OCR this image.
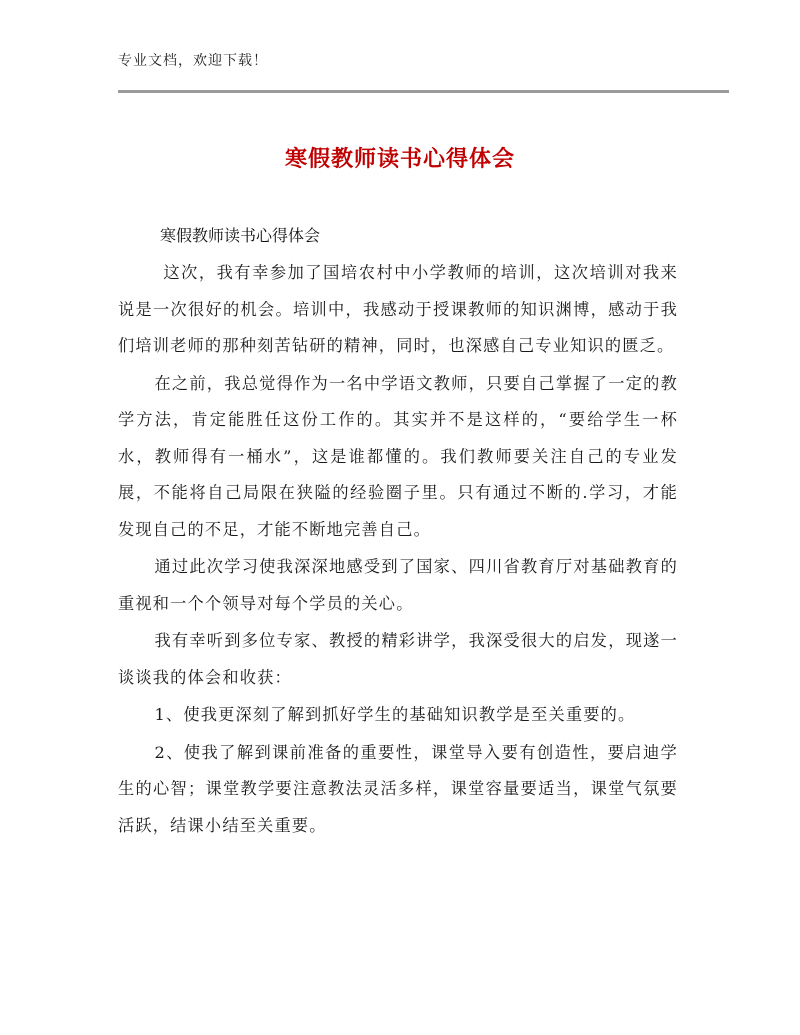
专业文档，欢迎下载！
寒假教师读书心得体会
寒假教师读书心得体会

这次，我有幸参加了国培农村中小学教师的培训，这次培训对我来说是一次很好的机会。培训中，我感动于授课教师的知识渊博，感动于我们培训老师的那种刻苦钻研的精神，同时，也深感自己专业知识的匮乏。

在之前，我总觉得作为一名中学语文教师，只要自己掌握了一定的教学方法，肯定能胜任这份工作的。其实并不是这样的，“要给学生一杯水，教师得有一桶水”，这是谁都懂的。我们教师要关注自己的专业发展，不能将自己局限在狭隘的经验圈子里。只有通过不断的.学习，才能发现自己的不足，才能不断地完善自己。

通过此次学习使我深深地感受到了国家、四川省教育厅对基础教育的重视和一个个领导对每个学员的关心。

我有幸听到多位专家、教授的精彩讲学，我深受很大的启发，现遂一谈谈我的体会和收获：

1、使我更深刻了解到抓好学生的基础知识教学是至关重要的。

2、使我了解到课前准备的重要性，课堂导入要有创造性，要启迪学生的心智；课堂教学要注意教法灵活多样，课堂容量要适当，课堂气氛要活跃，结课小结至关重要。
